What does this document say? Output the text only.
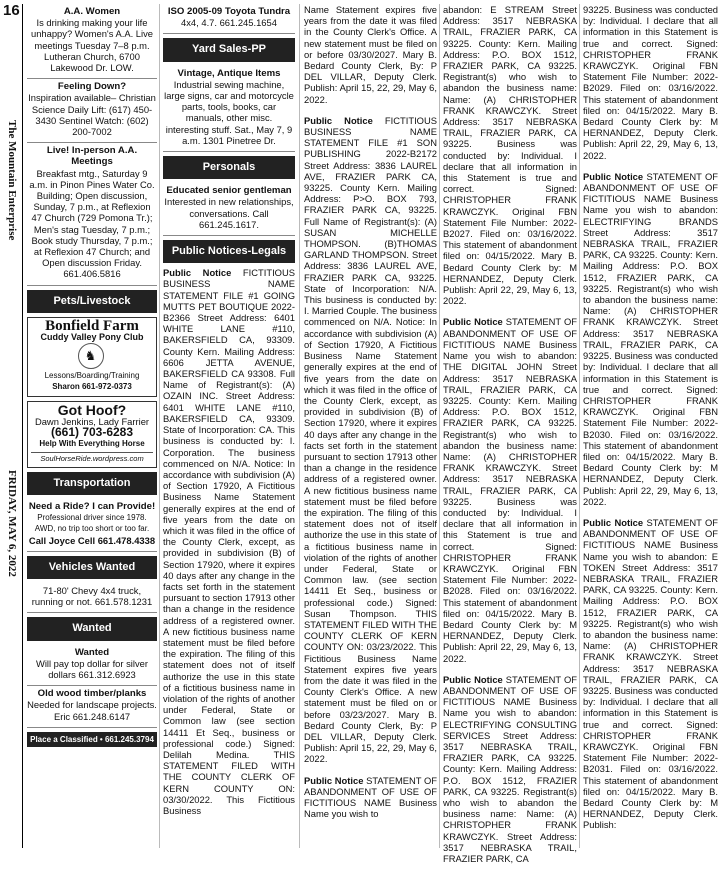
16
The Mountain Enterprise
FRIDAY, MAY 6, 2022
A.A. Women
Is drinking making your life unhappy? Women's A.A. Live meetings Tuesday 7–8 p.m. Lutheran Church, 6700 Lakewood Dr. LOW.
Feeling Down?
Inspiration available– Christian Science Daily Lift: (617) 450-3430 Sentinel Watch: (602) 200-7002
Live! In-person A.A. Meetings
Breakfast mtg., Saturday 9 a.m. in Pinon Pines Water Co. Building; Open discussion, Sunday, 7 p.m., at Reflexion 47 Church (729 Pomona Tr.); Men's stag Tuesday, 7 p.m.; Book study Thursday, 7 p.m.; at Reflexion 47 Church; and Open discussion Friday. 661.406.5816
Pets/Livestock
Bonfield Farm
Cuddy Valley Pony Club
♞Lessons/Boarding/Training
Sharon 661-972-0373
Got Hoof?
Dawn Jenkins, Lady Farrier
(661) 703-6283
Help With Everything Horse
SoulHorseRide.wordpress.com
Transportation
Need a Ride? I can Provide!
Professional driver since 1978. AWD, no trip too short or too far.
Call Joyce Cell 661.478.4338
Vehicles Wanted
71-80' Chevy 4x4 truck, running or not. 661.578.1231
Wanted
Wanted
Will pay top dollar for silver dollars 661.312.6923
Old wood timber/planks
Needed for landscape projects. Eric 661.248.6147
Place a Classified • 661.245.3794
ISO 2005-09 Toyota Tundra
4x4, 4.7. 661.245.1654
Yard Sales-PP
Vintage, Antique Items
Industrial sewing machine, large signs, car and motorcycle parts, tools, books, car manuals, other misc. interesting stuff. Sat., May 7, 9 a.m. 1301 Pinetree Dr.
Personals
Educated senior gentleman
Interested in new relationships, conversations. Call 661.245.1617.
Public Notices-Legals
Public Notice FICTITIOUS BUSINESS NAME STATEMENT FILE #1 GOING MUTTS PET BOUTIQUE 2022-B2366 Street Address: 6401 WHITE LANE #110, BAKERSFIELD CA, 93309. County Kern. Mailing Address: 6606 JETTA AVENUE, BAKERSFIELD CA 93308. Full Name of Registrant(s): (A) OZAIN INC. Street Address: 6401 WHITE LANE #110, BAKERSFIELD CA, 93309. State of Incorporation: CA. This business is conducted by: I. Corporation. The business commenced on N/A. Notice: In accordance with subdivision (A) of Section 17920, A Fictitious Business Name Statement generally expires at the end of five years from the date on which it was filed in the office of the County Clerk, except, as provided in subdivision (B) of Section 17920, where it expires 40 days after any change in the facts set forth in the statement pursuant to section 17913 other than a change in the residence address of a registered owner. A new fictitious business name statement must be filed before the expiration. The filing of this statement does not of itself authorize the use in this state of a fictitious business name in violation of the rights of another under Federal, State or Common law (see section 14411 Et Seq., business or professional code.) Signed: Delilah Medina. THIS STATEMENT FILED WITH THE COUNTY CLERK OF KERN COUNTY ON: 03/30/2022. This Fictitious Business
Name Statement expires five years from the date it was filed in the County Clerk's Office. A new statement must be filed on or before 03/30/2027. Mary B. Bedard County Clerk, By: P DEL VILLAR, Deputy Clerk. Publish: April 15, 22, 29, May 6, 2022.
Public Notice FICTITIOUS BUSINESS NAME STATEMENT FILE #1 SON PUBLISHING 2022-B2172 Street Address: 3836 LAUREL AVE, FRAZIER PARK CA, 93225. County Kern. Mailing Address: P>O. BOX 793, FRAZIER PARK CA, 93225. Full Name of Registrant(s): (A) SUSAN MICHELLE THOMPSON. (B)THOMAS GARLAND THOMPSON. Street Address: 3836 LAUREL AVE, FRAZIER PARK CA, 93225. State of Incorporation: N/A. This business is conducted by: I. Married Couple. The business commenced on N/A. Notice: In accordance with subdivision (A) of Section 17920, A Fictitious Business Name Statement generally expires at the end of five years from the date on which it was filed in the office of the County Clerk, except, as provided in subdivision (B) of Section 17920, where it expires 40 days after any change in the facts set forth in the statement pursuant to section 17913 other than a change in the residence address of a registered owner. A new fictitious business name statement must be filed before the expiration. The filing of this statement does not of itself authorize the use in this state of a fictitious business name in violation of the rights of another under Federal, State or Common law. (see section 14411 Et Seq., business or professional code.) Signed: Susan Thompson. THIS STATEMENT FILED WITH THE COUNTY CLERK OF KERN COUNTY ON: 03/23/2022. This Fictitious Business Name Statement expires five years from the date it was filed in the County Clerk's Office. A new statement must be filed on or before 03/23/2027. Mary B. Bedard County Clerk, By: P DEL VILLAR, Deputy Clerk. Publish: April 15, 22, 29, May 6, 2022.
Public Notice STATEMENT OF ABANDONMENT OF USE OF FICTITIOUS NAME Business Name you wish to
abandon: E STREAM Street Address: 3517 NEBRASKA TRAIL, FRAZIER PARK, CA 93225. County: Kern. Mailing Address: P.O. BOX 1512, FRAZIER PARK, CA 93225. Registrant(s) who wish to abandon the business name: Name: (A) CHRISTOPHER FRANK KRAWCZYK. Street Address: 3517 NEBRASKA TRAIL, FRAZIER PARK, CA 93225. Business was conducted by: Individual. I declare that all information in this Statement is true and correct. Signed: CHRISTOPHER FRANK KRAWCZYK. Original FBN Statement File Number: 2022-B2027. Filed on: 03/16/2022. This statement of abandonment filed on: 04/15/2022. Mary B. Bedard County Clerk by: M HERNANDEZ, Deputy Clerk. Publish: April 22, 29, May 6, 13, 2022.
Public Notice STATEMENT OF ABANDONMENT OF USE OF FICTITIOUS NAME Business Name you wish to abandon: THE DIGITAL JOHN Street Address: 3517 NEBRASKA TRAIL, FRAZIER PARK, CA 93225. County: Kern. Mailing Address: P.O. BOX 1512, FRAZIER PARK, CA 93225. Registrant(s) who wish to abandon the business name: Name: (A) CHRISTOPHER FRANK KRAWCZYK. Street Address: 3517 NEBRASKA TRAIL, FRAZIER PARK, CA 93225. Business was conducted by: Individual. I declare that all information in this Statement is true and correct. Signed: CHRISTOPHER FRANK KRAWCZYK. Original FBN Statement File Number: 2022-B2028. Filed on: 03/16/2022. This statement of abandonment filed on: 04/15/2022. Mary B. Bedard County Clerk by: M HERNANDEZ, Deputy Clerk. Publish: April 22, 29, May 6, 13, 2022.
Public Notice STATEMENT OF ABANDONMENT OF USE OF FICTITIOUS NAME Business Name you wish to abandon: ELECTRIFYING CONSULTING SERVICES Street Address: 3517 NEBRASKA TRAIL, FRAZIER PARK, CA 93225. County: Kern. Mailing Address: P.O. BOX 1512, FRAZIER PARK, CA 93225. Registrant(s) who wish to abandon the business name: Name: (A) CHRISTOPHER FRANK KRAWCZYK. Street Address: 3517 NEBRASKA TRAIL, FRAZIER PARK, CA
93225. Business was conducted by: Individual. I declare that all information in this Statement is true and correct. Signed: CHRISTOPHER FRANK KRAWCZYK. Original FBN Statement File Number: 2022-B2029. Filed on: 03/16/2022. This statement of abandonment filed on: 04/15/2022. Mary B. Bedard County Clerk by: M HERNANDEZ, Deputy Clerk. Publish: April 22, 29, May 6, 13, 2022.
Public Notice STATEMENT OF ABANDONMENT OF USE OF FICTITIOUS NAME Business Name you wish to abandon: ELECTRIFYING BRANDS Street Address: 3517 NEBRASKA TRAIL, FRAZIER PARK, CA 93225. County: Kern. Mailing Address: P.O. BOX 1512, FRAZIER PARK, CA 93225. Registrant(s) who wish to abandon the business name: Name: (A) CHRISTOPHER FRANK KRAWCZYK. Street Address: 3517 NEBRASKA TRAIL, FRAZIER PARK, CA 93225. Business was conducted by: Individual. I declare that all information in this Statement is true and correct. Signed: CHRISTOPHER FRANK KRAWCZYK. Original FBN Statement File Number: 2022-B2030. Filed on: 03/16/2022. This statement of abandonment filed on: 04/15/2022. Mary B. Bedard County Clerk by: M HERNANDEZ, Deputy Clerk. Publish: April 22, 29, May 6, 13, 2022.
Public Notice STATEMENT OF ABANDONMENT OF USE OF FICTITIOUS NAME Business Name you wish to abandon: E TOKEN Street Address: 3517 NEBRASKA TRAIL, FRAZIER PARK, CA 93225. County: Kern. Mailing Address: P.O. BOX 1512, FRAZIER PARK, CA 93225. Registrant(s) who wish to abandon the business name: Name: (A) CHRISTOPHER FRANK KRAWCZYK. Street Address: 3517 NEBRASKA TRAIL, FRAZIER PARK, CA 93225. Business was conducted by: Individual. I declare that all information in this Statement is true and correct. Signed: CHRISTOPHER FRANK KRAWCZYK. Original FBN Statement File Number: 2022-B2031. Filed on: 03/16/2022. This statement of abandonment filed on: 04/15/2022. Mary B. Bedard County Clerk by: M HERNANDEZ, Deputy Clerk. Publish:
